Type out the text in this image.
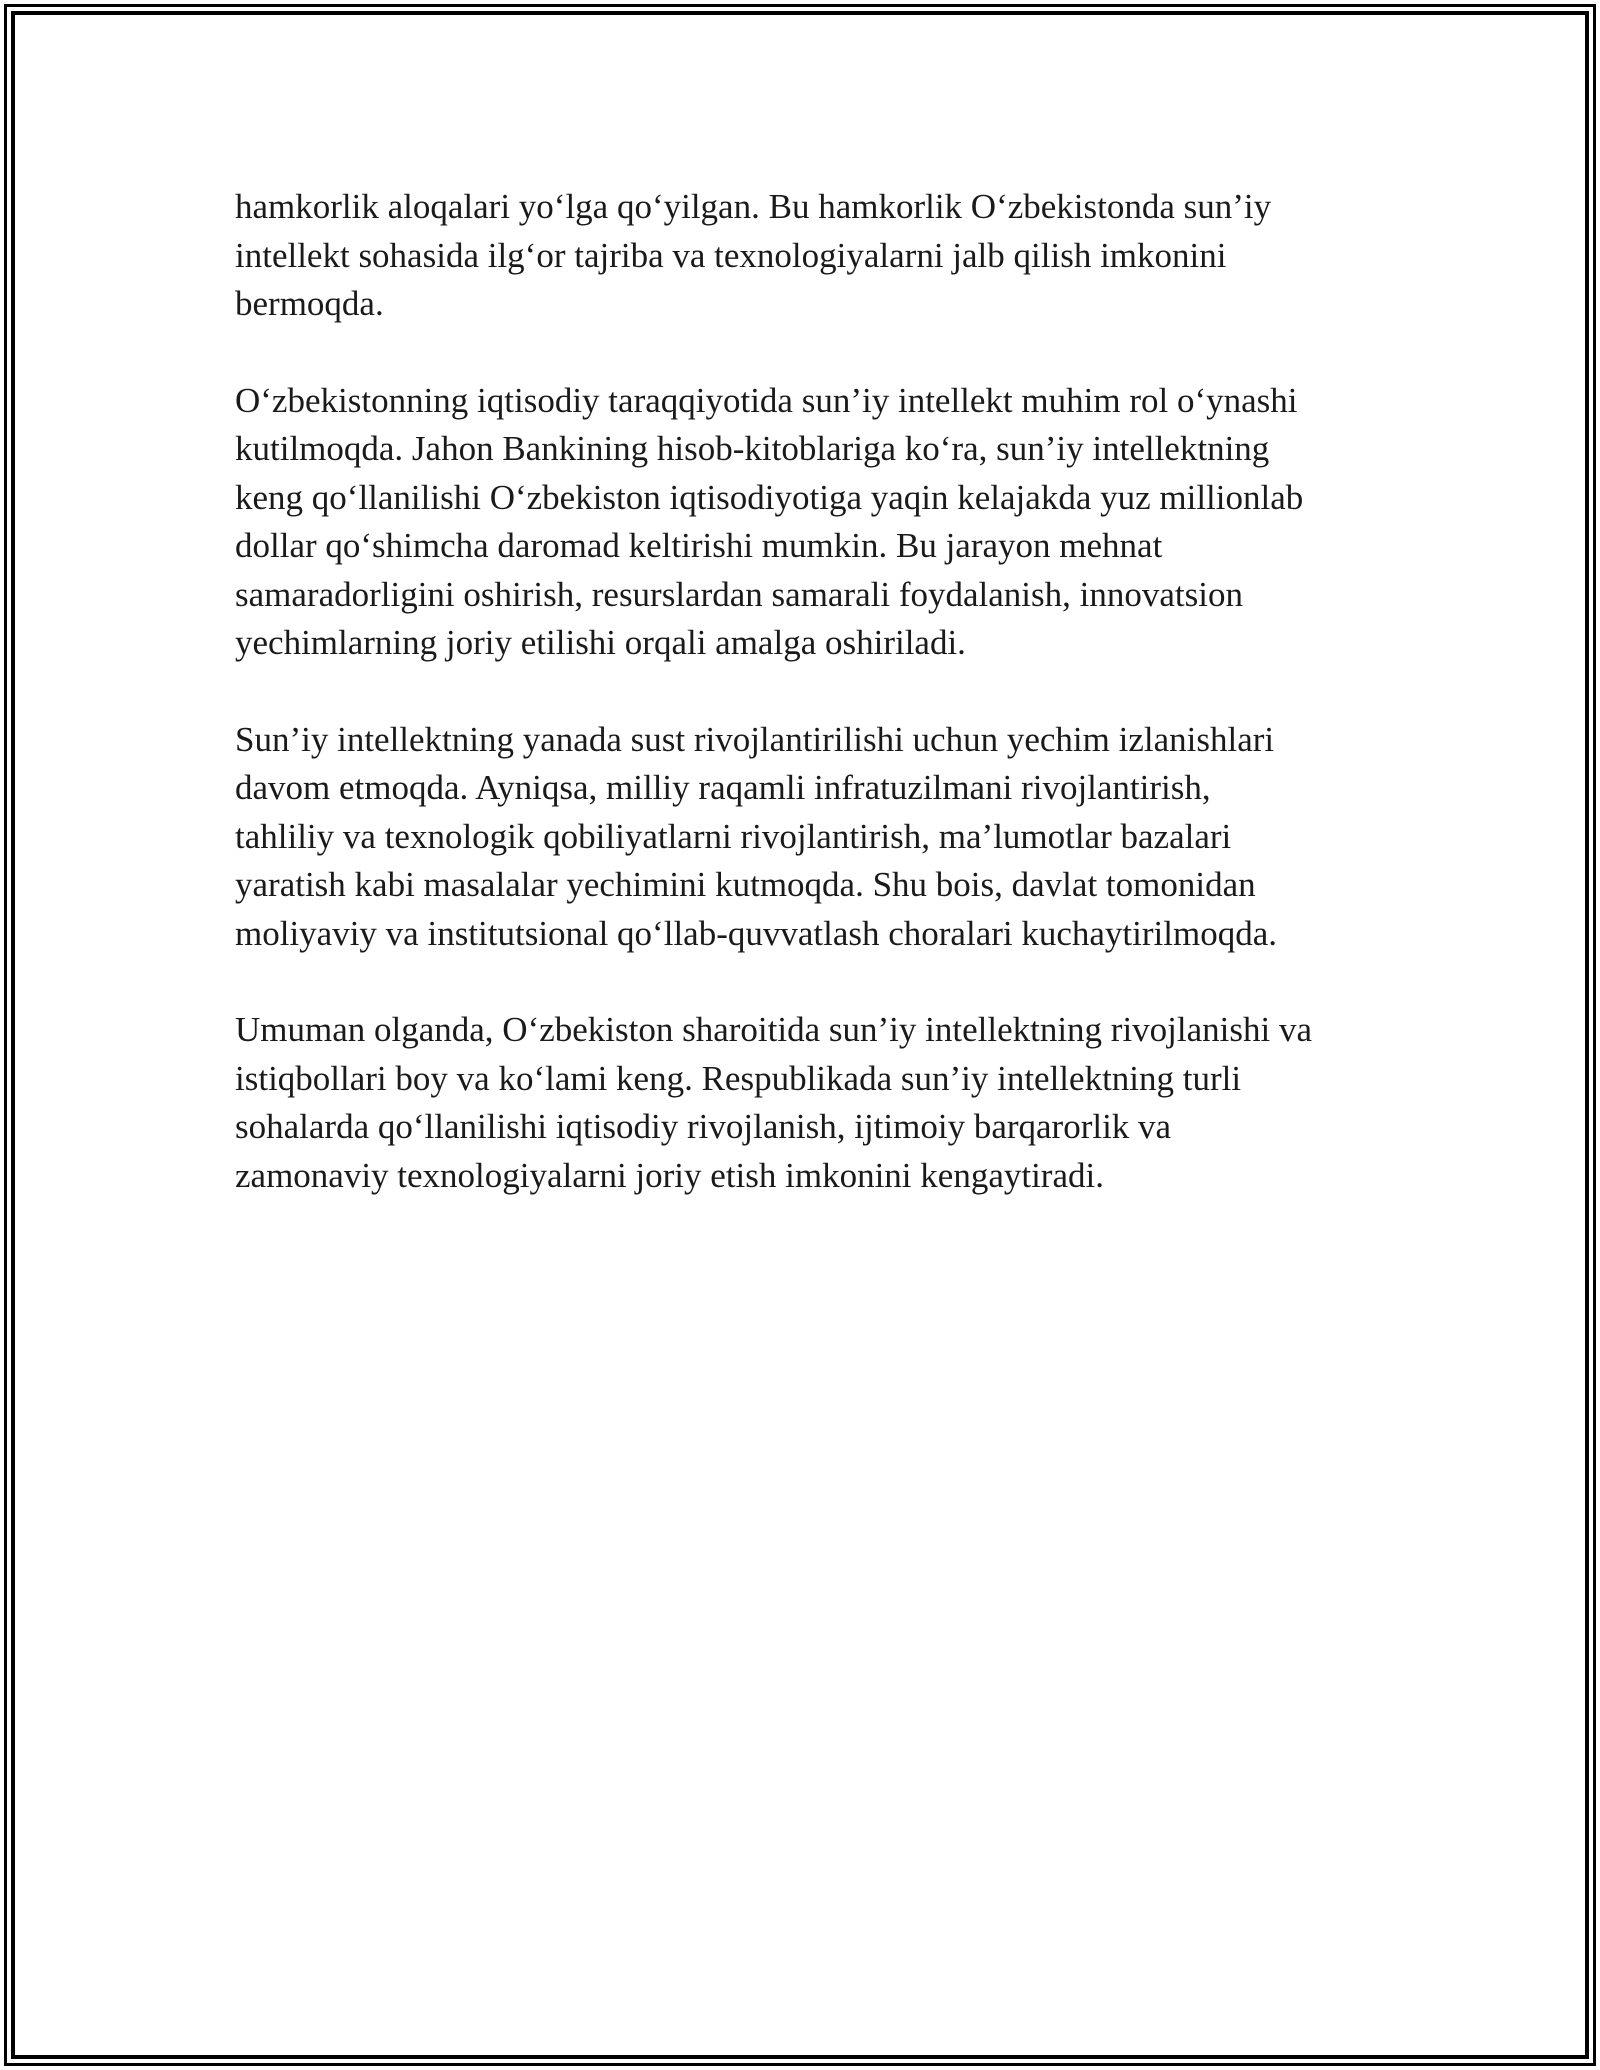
hamkorlik aloqalari yo‘lga qo‘yilgan. Bu hamkorlik O‘zbekistonda sun’iy
intellekt sohasida ilg‘or tajriba va texnologiyalarni jalb qilish imkonini
bermoqda.

O‘zbekistonning iqtisodiy taraqqiyotida sun’iy intellekt muhim rol o‘ynashi
kutilmoqda. Jahon Bankining hisob-kitoblariga ko‘ra, sun’iy intellektning
keng qo‘llanilishi O‘zbekiston iqtisodiyotiga yaqin kelajakda yuz millionlab
dollar qo‘shimcha daromad keltirishi mumkin. Bu jarayon mehnat
samaradorligini oshirish, resurslardan samarali foydalanish, innovatsion
yechimlarning joriy etilishi orqali amalga oshiriladi.

Sun’iy intellektning yanada sust rivojlantirilishi uchun yechim izlanishlari
davom etmoqda. Ayniqsa, milliy raqamli infratuzilmani rivojlantirish,
tahliliy va texnologik qobiliyatlarni rivojlantirish, ma’lumotlar bazalari
yaratish kabi masalalar yechimini kutmoqda. Shu bois, davlat tomonidan
moliyaviy va institutsional qo‘llab-quvvatlash choralari kuchaytirilmoqda.

Umuman olganda, O‘zbekiston sharoitida sun’iy intellektning rivojlanishi va
istiqbollari boy va ko‘lami keng. Respublikada sun’iy intellektning turli
sohalarda qo‘llanilishi iqtisodiy rivojlanish, ijtimoiy barqarorlik va
zamonaviy texnologiyalarni joriy etish imkonini kengaytiradi.
